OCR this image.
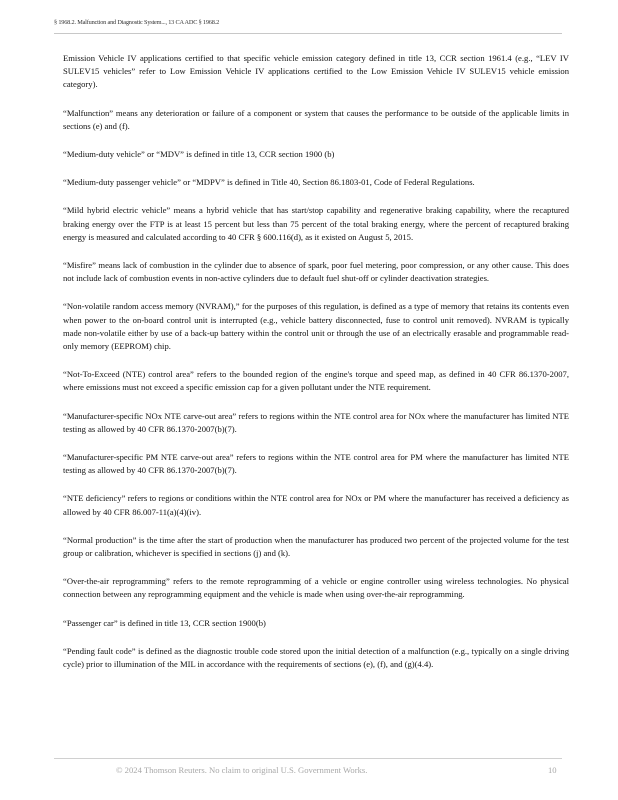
§ 1968.2. Malfunction and Diagnostic System..., 13 CA ADC § 1968.2

Emission Vehicle IV applications certified to that specific vehicle emission category defined in title 13, CCR section 1961.4 (e.g., “LEV IV SULEV15 vehicles” refer to Low Emission Vehicle IV applications certified to the Low Emission Vehicle IV SULEV15 vehicle emission category).

“Malfunction” means any deterioration or failure of a component or system that causes the performance to be outside of the applicable limits in sections (e) and (f).

“Medium-duty vehicle” or “MDV” is defined in title 13, CCR section 1900 (b)

“Medium-duty passenger vehicle” or “MDPV” is defined in Title 40, Section 86.1803-01, Code of Federal Regulations.

“Mild hybrid electric vehicle” means a hybrid vehicle that has start/stop capability and regenerative braking capability, where the recaptured braking energy over the FTP is at least 15 percent but less than 75 percent of the total braking energy, where the percent of recaptured braking energy is measured and calculated according to 40 CFR § 600.116(d), as it existed on August 5, 2015.

“Misfire” means lack of combustion in the cylinder due to absence of spark, poor fuel metering, poor compression, or any other cause. This does not include lack of combustion events in non-active cylinders due to default fuel shut-off or cylinder deactivation strategies.

“Non-volatile random access memory (NVRAM),” for the purposes of this regulation, is defined as a type of memory that retains its contents even when power to the on-board control unit is interrupted (e.g., vehicle battery disconnected, fuse to control unit removed). NVRAM is typically made non-volatile either by use of a back-up battery within the control unit or through the use of an electrically erasable and programmable read-only memory (EEPROM) chip.

“Not-To-Exceed (NTE) control area” refers to the bounded region of the engine's torque and speed map, as defined in 40 CFR 86.1370-2007, where emissions must not exceed a specific emission cap for a given pollutant under the NTE requirement.

“Manufacturer-specific NOx NTE carve-out area” refers to regions within the NTE control area for NOx where the manufacturer has limited NTE testing as allowed by 40 CFR 86.1370-2007(b)(7).

“Manufacturer-specific PM NTE carve-out area” refers to regions within the NTE control area for PM where the manufacturer has limited NTE testing as allowed by 40 CFR 86.1370-2007(b)(7).

“NTE deficiency” refers to regions or conditions within the NTE control area for NOx or PM where the manufacturer has received a deficiency as allowed by 40 CFR 86.007-11(a)(4)(iv).

“Normal production” is the time after the start of production when the manufacturer has produced two percent of the projected volume for the test group or calibration, whichever is specified in sections (j) and (k).

“Over-the-air reprogramming” refers to the remote reprogramming of a vehicle or engine controller using wireless technologies. No physical connection between any reprogramming equipment and the vehicle is made when using over-the-air reprogramming.

“Passenger car” is defined in title 13, CCR section 1900(b)

“Pending fault code” is defined as the diagnostic trouble code stored upon the initial detection of a malfunction (e.g., typically on a single driving cycle) prior to illumination of the MIL in accordance with the requirements of sections (e), (f), and (g)(4.4).

© 2024 Thomson Reuters. No claim to original U.S. Government Works.	10
